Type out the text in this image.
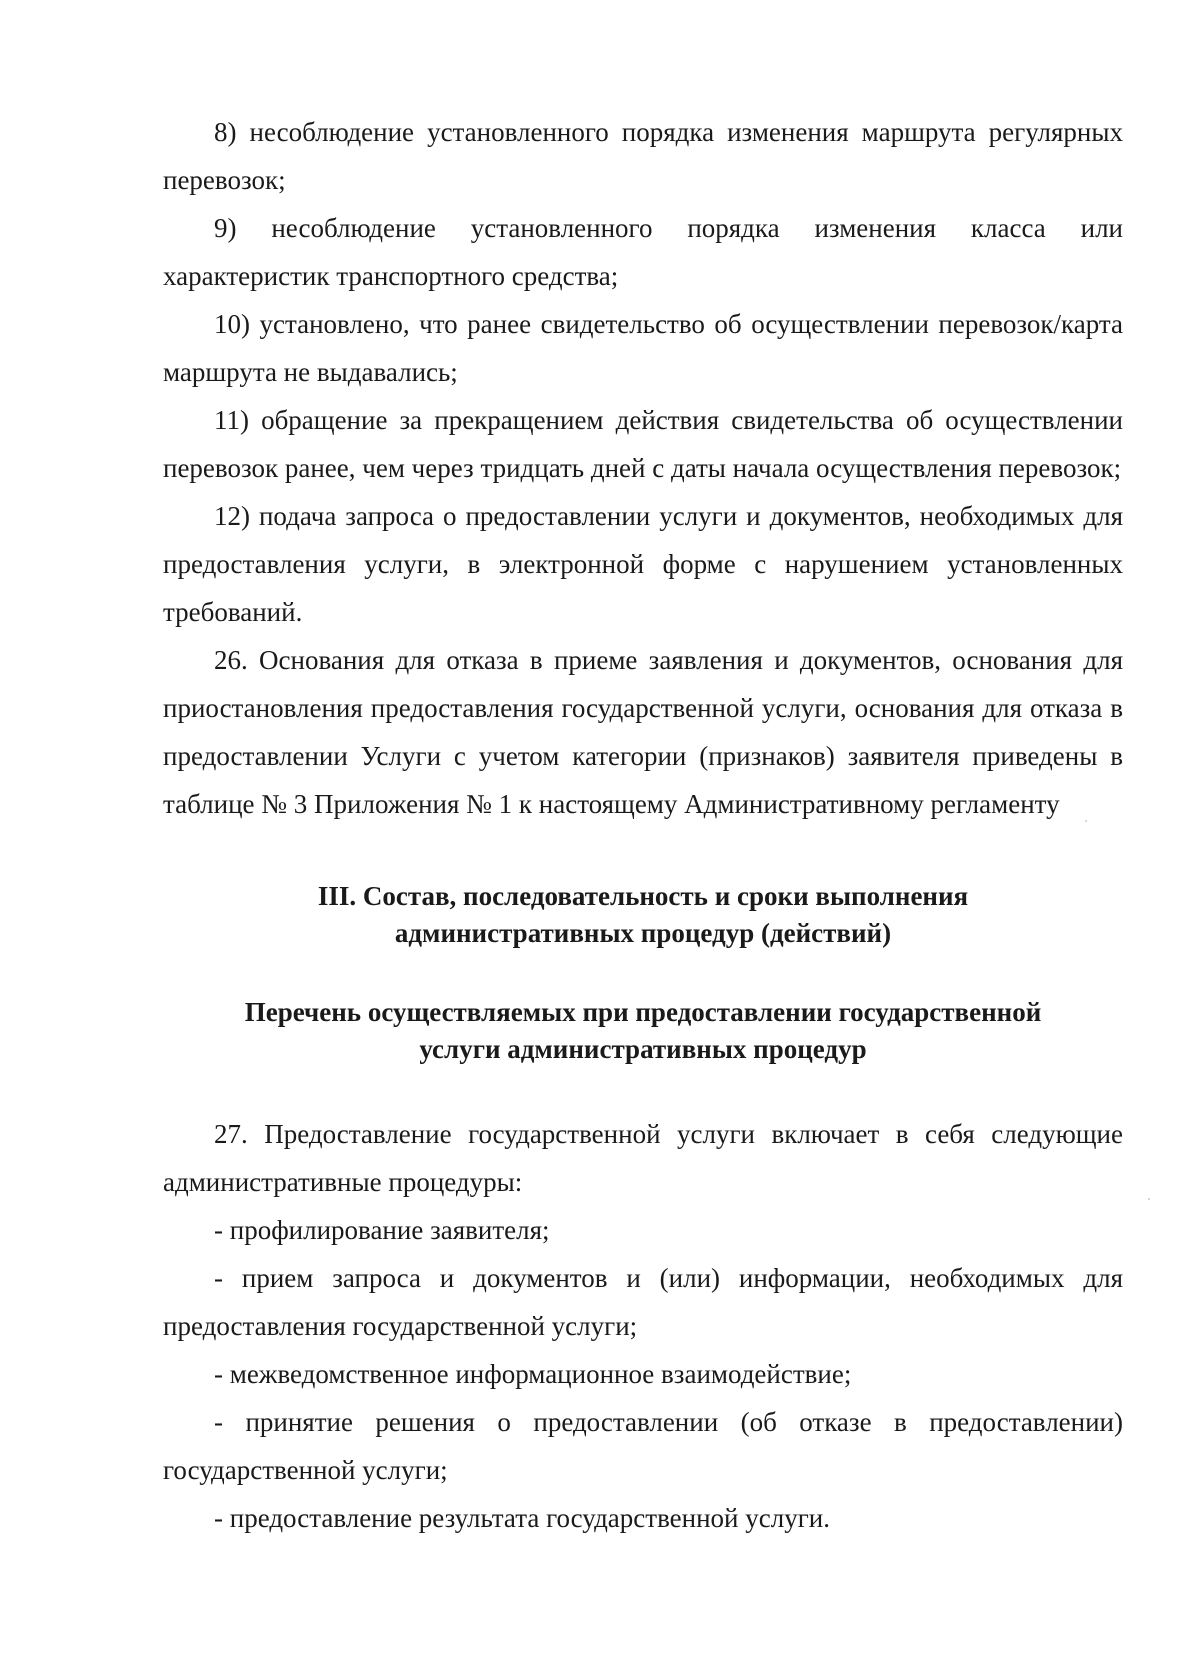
8) несоблюдение установленного порядка изменения маршрута регулярных перевозок;

9) несоблюдение установленного порядка изменения класса или характеристик транспортного средства;

10) установлено, что ранее свидетельство об осуществлении перевозок/карта маршрута не выдавались;

11) обращение за прекращением действия свидетельства об осуществлении перевозок ранее, чем через тридцать дней с даты начала осуществления перевозок;

12) подача запроса о предоставлении услуги и документов, необходимых для предоставления услуги, в электронной форме с нарушением установленных требований.

26. Основания для отказа в приеме заявления и документов, основания для приостановления предоставления государственной услуги, основания для отказа в предоставлении Услуги с учетом категории (признаков) заявителя приведены в таблице № 3 Приложения № 1 к настоящему Административному регламенту

III. Состав, последовательность и сроки выполнения

административных процедур (действий)

Перечень осуществляемых при предоставлении государственной

услуги административных процедур

27. Предоставление государственной услуги включает в себя следующие административные процедуры:

- профилирование заявителя;

- прием запроса и документов и (или) информации, необходимых для предоставления государственной услуги;

- межведомственное информационное взаимодействие;

- принятие решения о предоставлении (об отказе в предоставлении) государственной услуги;

- предоставление результата государственной услуги.
